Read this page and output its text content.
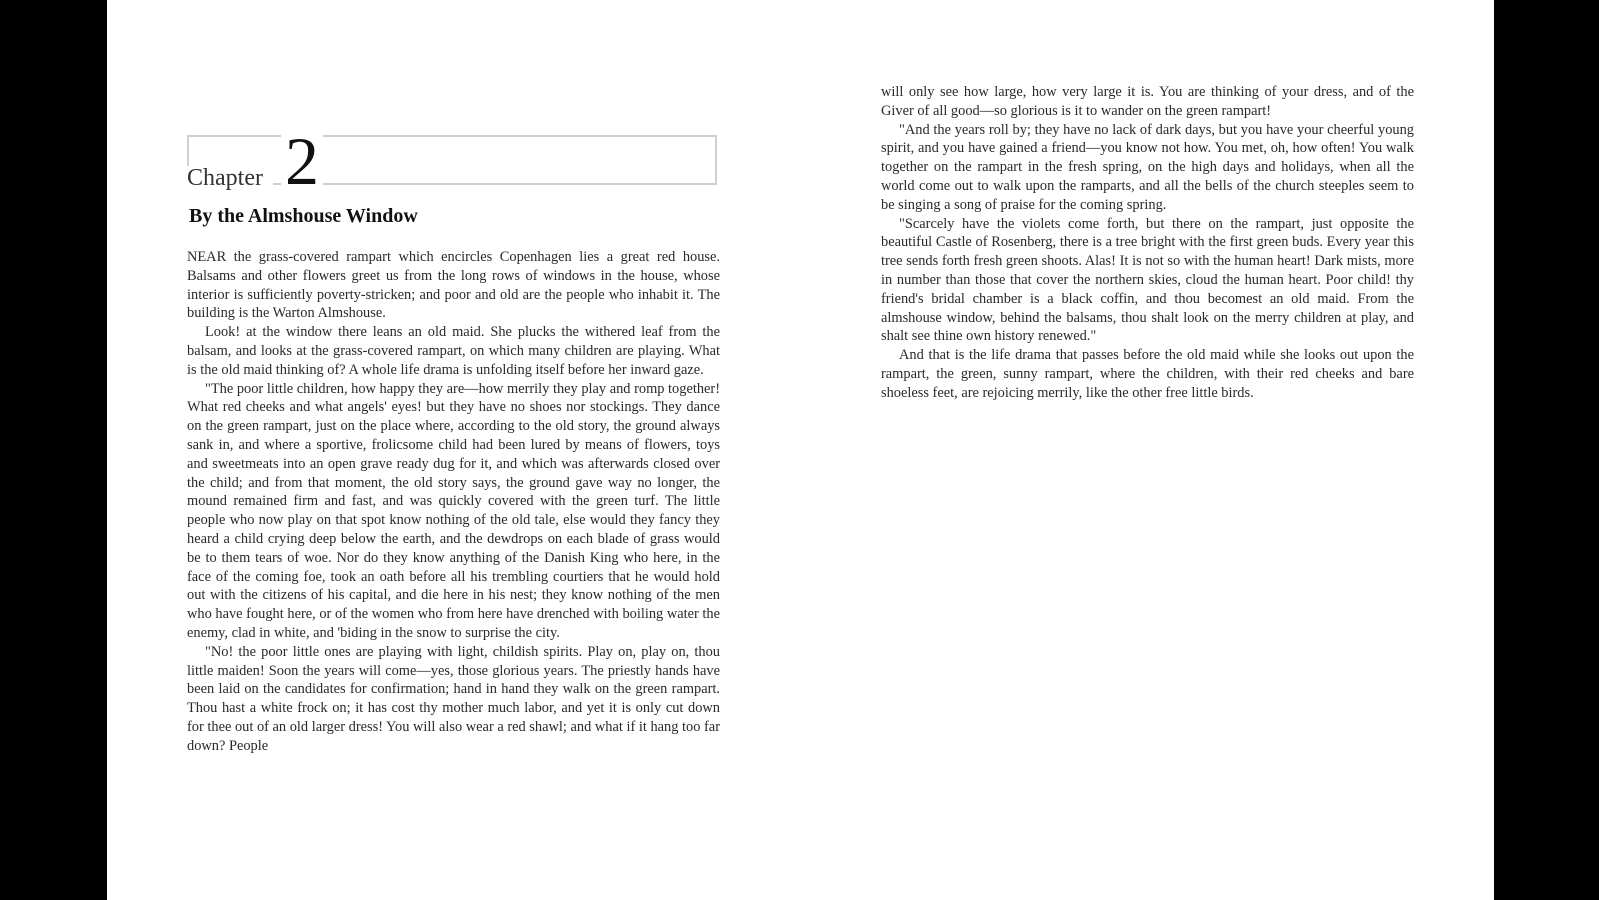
Chapter 2
By the Almshouse Window

NEAR the grass-covered rampart which encircles Copenhagen lies a great red house. Balsams and other flowers greet us from the long rows of windows in the house, whose interior is sufficiently poverty-stricken; and poor and old are the people who inhabit it. The building is the Warton Almshouse.

Look! at the window there leans an old maid. She plucks the withered leaf from the balsam, and looks at the grass-covered rampart, on which many children are playing. What is the old maid thinking of? A whole life drama is unfolding itself before her inward gaze.

"The poor little children, how happy they are—how merrily they play and romp together! What red cheeks and what angels' eyes! but they have no shoes nor stockings. They dance on the green rampart, just on the place where, according to the old story, the ground always sank in, and where a sportive, frolicsome child had been lured by means of flowers, toys and sweetmeats into an open grave ready dug for it, and which was afterwards closed over the child; and from that moment, the old story says, the ground gave way no longer, the mound remained firm and fast, and was quickly covered with the green turf. The little people who now play on that spot know nothing of the old tale, else would they fancy they heard a child crying deep below the earth, and the dewdrops on each blade of grass would be to them tears of woe. Nor do they know anything of the Danish King who here, in the face of the coming foe, took an oath before all his trembling courtiers that he would hold out with the citizens of his capital, and die here in his nest; they know nothing of the men who have fought here, or of the women who from here have drenched with boiling water the enemy, clad in white, and 'biding in the snow to surprise the city.

"No! the poor little ones are playing with light, childish spirits. Play on, play on, thou little maiden! Soon the years will come—yes, those glorious years. The priestly hands have been laid on the candidates for confirmation; hand in hand they walk on the green rampart. Thou hast a white frock on; it has cost thy mother much labor, and yet it is only cut down for thee out of an old larger dress! You will also wear a red shawl; and what if it hang too far down? People

will only see how large, how very large it is. You are thinking of your dress, and of the Giver of all good—so glorious is it to wander on the green rampart!

"And the years roll by; they have no lack of dark days, but you have your cheerful young spirit, and you have gained a friend—you know not how. You met, oh, how often! You walk together on the rampart in the fresh spring, on the high days and holidays, when all the world come out to walk upon the ramparts, and all the bells of the church steeples seem to be singing a song of praise for the coming spring.

"Scarcely have the violets come forth, but there on the rampart, just opposite the beautiful Castle of Rosenberg, there is a tree bright with the first green buds. Every year this tree sends forth fresh green shoots. Alas! It is not so with the human heart! Dark mists, more in number than those that cover the northern skies, cloud the human heart. Poor child! thy friend's bridal chamber is a black coffin, and thou becomest an old maid. From the almshouse window, behind the balsams, thou shalt look on the merry children at play, and shalt see thine own history renewed."

And that is the life drama that passes before the old maid while she looks out upon the rampart, the green, sunny rampart, where the children, with their red cheeks and bare shoeless feet, are rejoicing merrily, like the other free little birds.
